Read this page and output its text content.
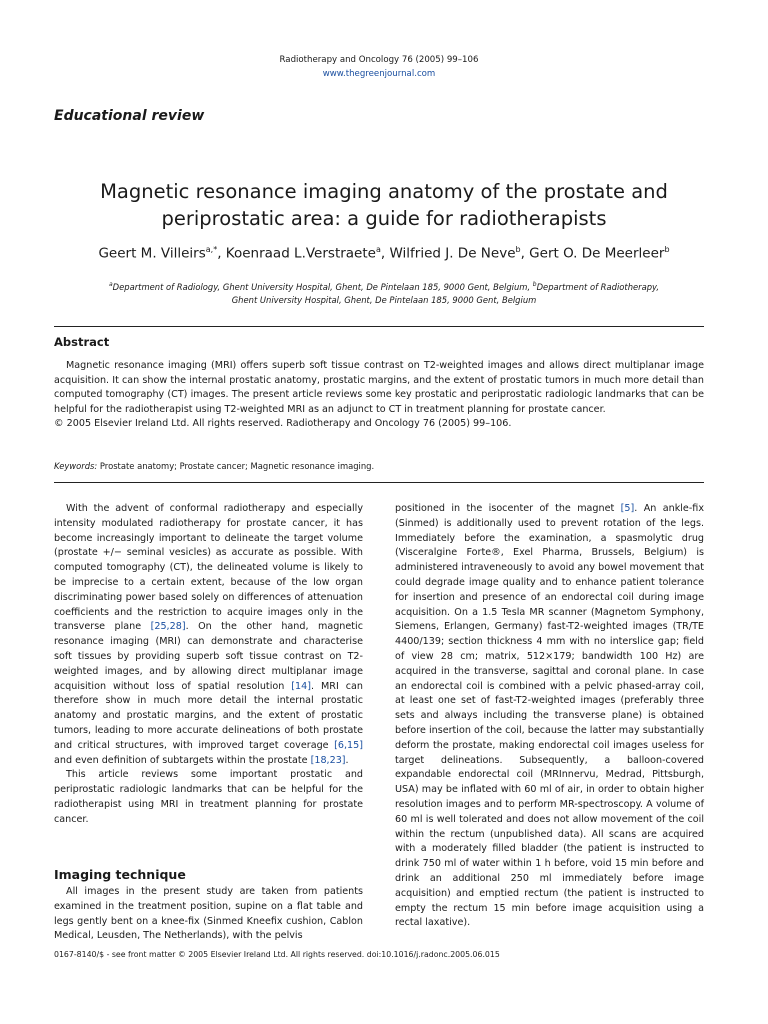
Radiotherapy and Oncology 76 (2005) 99–106
www.thegreenjournal.com
Educational review
Magnetic resonance imaging anatomy of the prostate and
periprostatic area: a guide for radiotherapists
Geert M. Villeirs$^{a,*}$, Koenraad L.Verstraete$^a$, Wilfried J. De Neve$^b$, Gert O. De Meerleer$^b$
$^a$Department of Radiology, Ghent University Hospital, Ghent, De Pintelaan 185, 9000 Gent, Belgium, $^b$Department of Radiotherapy,
Ghent University Hospital, Ghent, De Pintelaan 185, 9000 Gent, Belgium
Abstract

Magnetic resonance imaging (MRI) offers superb soft tissue contrast on T2-weighted images and allows direct multiplanar image acquisition. It can show the internal prostatic anatomy, prostatic margins, and the extent of prostatic tumors in much more detail than computed tomography (CT) images. The present article reviews some key prostatic and periprostatic radiologic landmarks that can be helpful for the radiotherapist using T2-weighted MRI as an adjunct to CT in treatment planning for prostate cancer.

© 2005 Elsevier Ireland Ltd. All rights reserved. Radiotherapy and Oncology 76 (2005) 99–106.

Keywords: Prostate anatomy; Prostate cancer; Magnetic resonance imaging.

With the advent of conformal radiotherapy and especially intensity modulated radiotherapy for prostate cancer, it has become increasingly important to delineate the target volume (prostate +/− seminal vesicles) as accurate as possible. With computed tomography (CT), the delineated volume is likely to be imprecise to a certain extent, because of the low organ discriminating power based solely on differences of attenuation coefficients and the restriction to acquire images only in the transverse plane [25,28]. On the other hand, magnetic resonance imaging (MRI) can demonstrate and characterise soft tissues by providing superb soft tissue contrast on T2-weighted images, and by allowing direct multiplanar image acquisition without loss of spatial resolution [14]. MRI can therefore show in much more detail the internal prostatic anatomy and prostatic margins, and the extent of prostatic tumors, leading to more accurate delineations of both prostate and critical structures, with improved target coverage [6,15] and even definition of subtargets within the prostate [18,23].

This article reviews some important prostatic and periprostatic radiologic landmarks that can be helpful for the radiotherapist using MRI in treatment planning for prostate cancer.

Imaging technique

All images in the present study are taken from patients examined in the treatment position, supine on a flat table and legs gently bent on a knee-fix (Sinmed Kneefix cushion, Cablon Medical, Leusden, The Netherlands), with the pelvis

positioned in the isocenter of the magnet [5]. An ankle-fix (Sinmed) is additionally used to prevent rotation of the legs. Immediately before the examination, a spasmolytic drug (Visceralgine Forte®, Exel Pharma, Brussels, Belgium) is administered intraveneously to avoid any bowel movement that could degrade image quality and to enhance patient tolerance for insertion and presence of an endorectal coil during image acquisition. On a 1.5 Tesla MR scanner (Magnetom Symphony, Siemens, Erlangen, Germany) fast-T2-weighted images (TR/TE 4400/139; section thickness 4 mm with no interslice gap; field of view 28 cm; matrix, 512×179; bandwidth 100 Hz) are acquired in the transverse, sagittal and coronal plane. In case an endorectal coil is combined with a pelvic phased-array coil, at least one set of fast-T2-weighted images (preferably three sets and always including the transverse plane) is obtained before insertion of the coil, because the latter may substantially deform the prostate, making endorectal coil images useless for target delineations. Subsequently, a balloon-covered expandable endorectal coil (MRInnervu, Medrad, Pittsburgh, USA) may be inflated with 60 ml of air, in order to obtain higher resolution images and to perform MR-spectroscopy. A volume of 60 ml is well tolerated and does not allow movement of the coil within the rectum (unpublished data). All scans are acquired with a moderately filled bladder (the patient is instructed to drink 750 ml of water within 1 h before, void 15 min before and drink an additional 250 ml immediately before image acquisition) and emptied rectum (the patient is instructed to empty the rectum 15 min before image acquisition using a rectal laxative).

0167-8140/$ - see front matter © 2005 Elsevier Ireland Ltd. All rights reserved. doi:10.1016/j.radonc.2005.06.015
